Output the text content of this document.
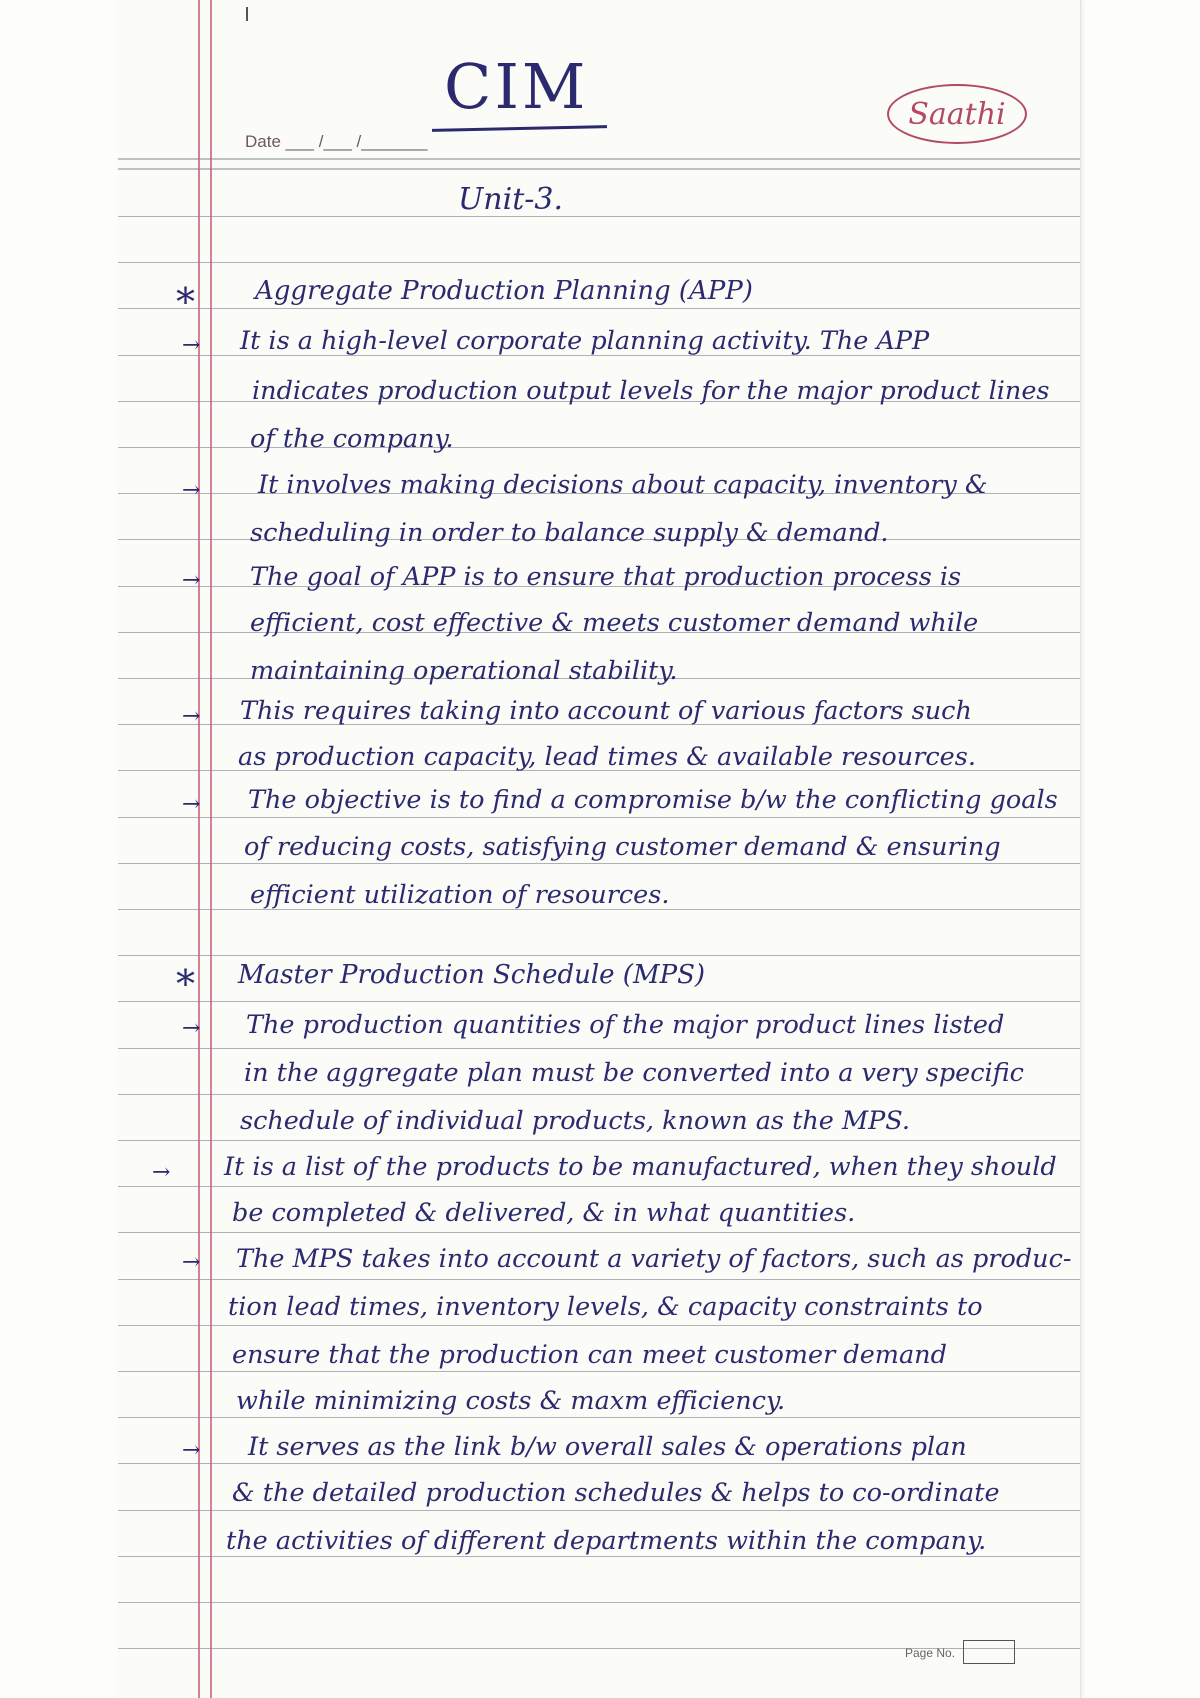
Date ___ /___ /_______
CIM	Saathi
Unit-3.
* Aggregate Production Planning (APP)
→ It is a high-level corporate planning activity. The APP
indicates production output levels for the major product lines
of the company.
→ It involves making decisions about capacity, inventory &
scheduling in order to balance supply & demand.
→ The goal of APP is to ensure that production process is
efficient, cost effective & meets customer demand while
maintaining operational stability.
→ This requires taking into account of various factors such
as production capacity, lead times & available resources.
→ The objective is to find a compromise b/w the conflicting goals
of reducing costs, satisfying customer demand & ensuring
efficient utilization of resources.
* Master Production Schedule (MPS)
→ The production quantities of the major product lines listed
in the aggregate plan must be converted into a very specific
schedule of individual products, known as the MPS.
→ It is a list of the products to be manufactured, when they should
be completed & delivered, & in what quantities.
→ The MPS takes into account a variety of factors, such as produc-
tion lead times, inventory levels, & capacity constraints to
ensure that the production can meet customer demand
while minimizing costs & maxm efficiency.
→ It serves as the link b/w overall sales & operations plan
& the detailed production schedules & helps to co-ordinate
the activities of different departments within the company.
Page No.
